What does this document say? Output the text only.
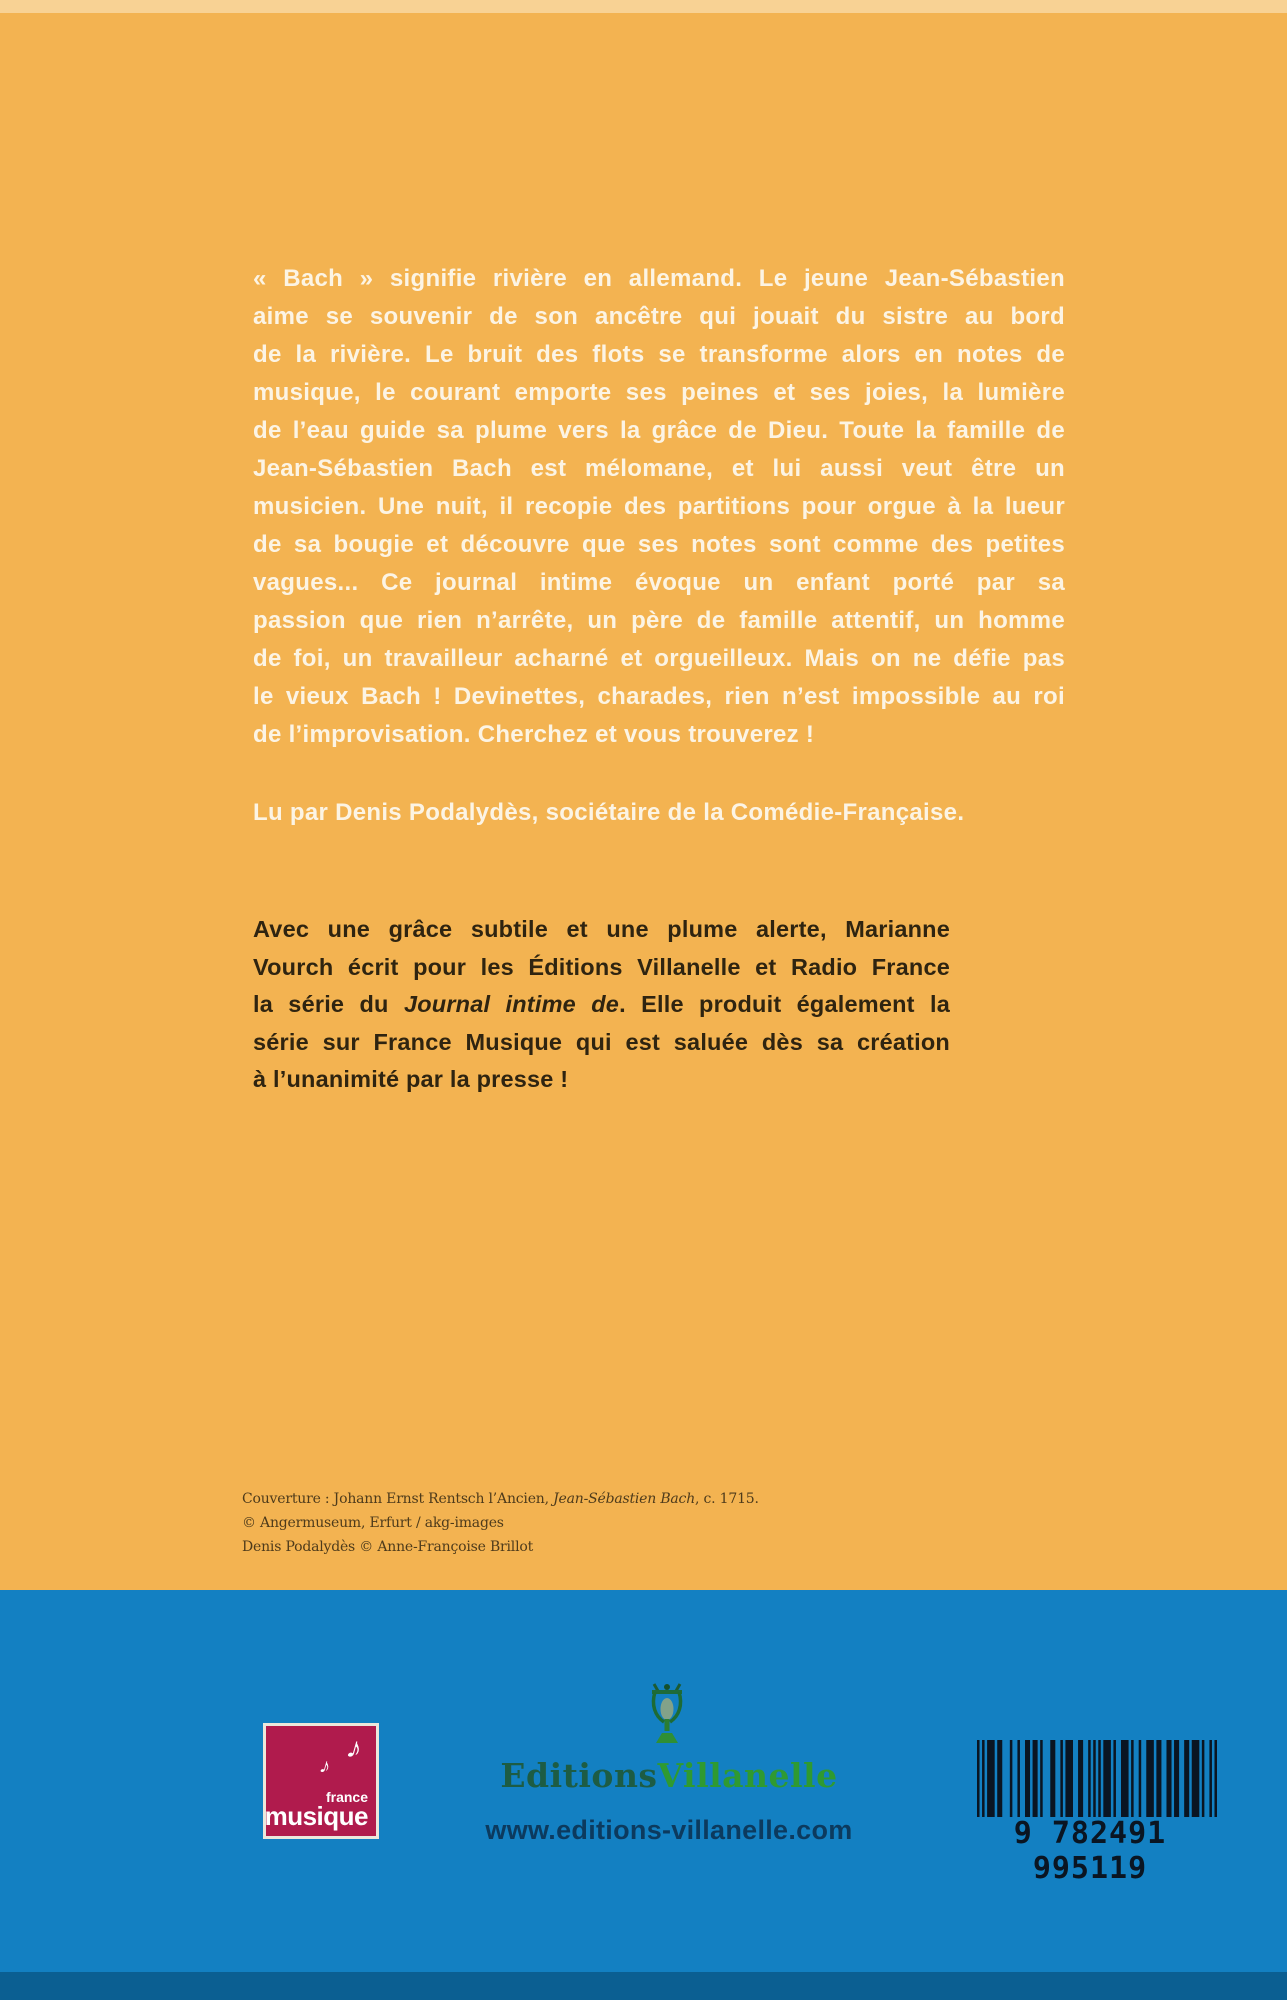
« Bach » signifie rivière en allemand. Le jeune Jean-Sébastien
aime se souvenir de son ancêtre qui jouait du sistre au bord
de la rivière. Le bruit des flots se transforme alors en notes de
musique, le courant emporte ses peines et ses joies, la lumière
de l’eau guide sa plume vers la grâce de Dieu. Toute la famille de
Jean-Sébastien Bach est mélomane, et lui aussi veut être un
musicien. Une nuit, il recopie des partitions pour orgue à la lueur
de sa bougie et découvre que ses notes sont comme des petites
vagues... Ce journal intime évoque un enfant porté par sa
passion que rien n’arrête, un père de famille attentif, un homme
de foi, un travailleur acharné et orgueilleux. Mais on ne défie pas
le vieux Bach ! Devinettes, charades, rien n’est impossible au roi
de l’improvisation. Cherchez et vous trouverez !
Lu par Denis Podalydès, sociétaire de la Comédie-Française.
Avec une grâce subtile et une plume alerte, Marianne
Vourch écrit pour les Éditions Villanelle et Radio France
la série du Journal intime de. Elle produit également la
série sur France Musique qui est saluée dès sa création
à l’unanimité par la presse !
Couverture : Johann Ernst Rentsch l’Ancien, Jean-Sébastien Bach, c. 1715.
© Angermuseum, Erfurt / akg-images
Denis Podalydès © Anne-Françoise Brillot
♪
♪
france
musique
EditionsVillanelle
www.editions-villanelle.com	9 782491 995119
